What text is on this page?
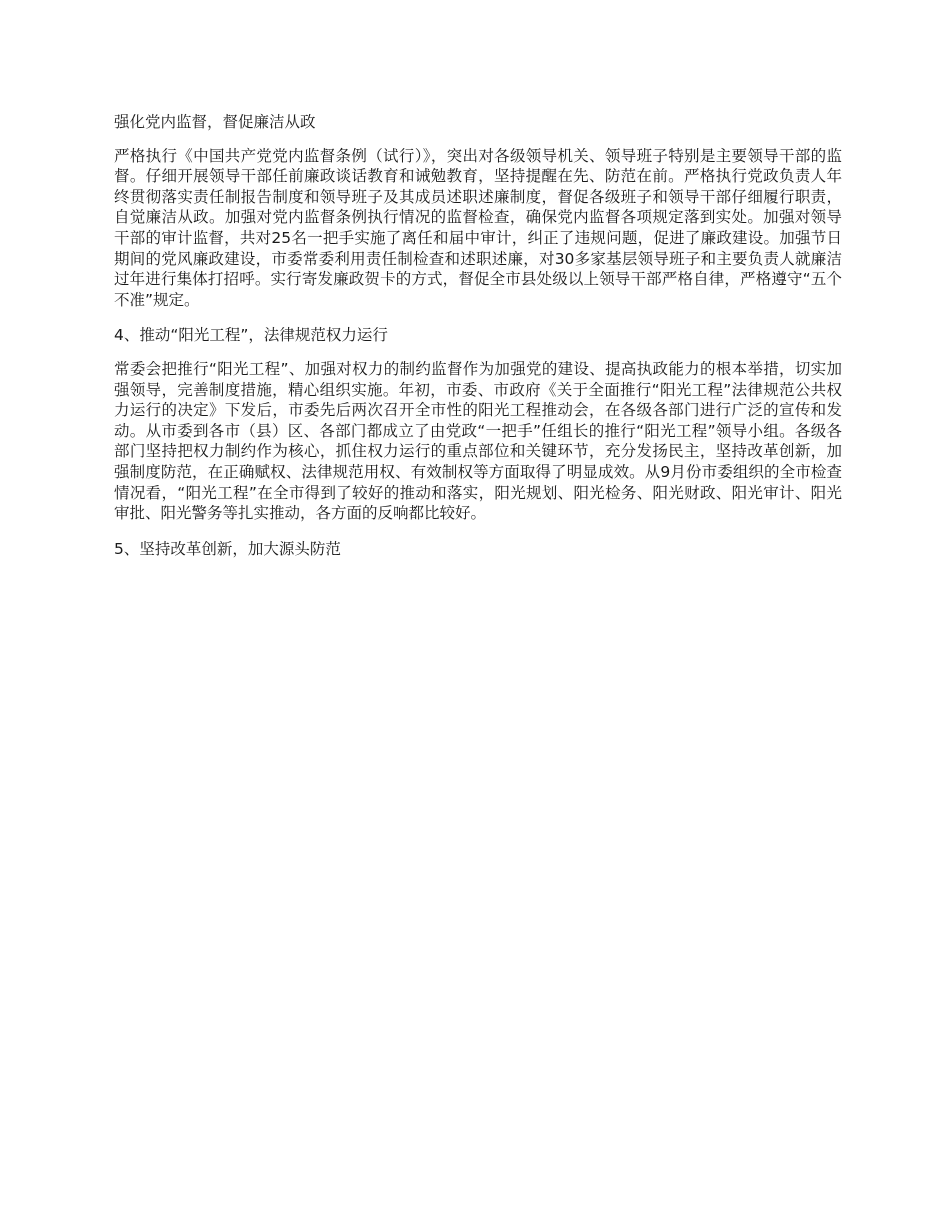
强化党内监督，督促廉洁从政

严格执行《中国共产党党内监督条例（试行）》，突出对各级领导机关、领导班子特别是主要领导干部的监督。仔细开展领导干部任前廉政谈话教育和诫勉教育，坚持提醒在先、防范在前。严格执行党政负责人年终贯彻落实责任制报告制度和领导班子及其成员述职述廉制度，督促各级班子和领导干部仔细履行职责，自觉廉洁从政。加强对党内监督条例执行情况的监督检查，确保党内监督各项规定落到实处。加强对领导干部的审计监督，共对25名一把手实施了离任和届中审计，纠正了违规问题，促进了廉政建设。加强节日期间的党风廉政建设，市委常委利用责任制检查和述职述廉，对30多家基层领导班子和主要负责人就廉洁过年进行集体打招呼。实行寄发廉政贺卡的方式，督促全市县处级以上领导干部严格自律，严格遵守“五个不准”规定。

4、推动“阳光工程”，法律规范权力运行

常委会把推行“阳光工程”、加强对权力的制约监督作为加强党的建设、提高执政能力的根本举措，切实加强领导，完善制度措施，精心组织实施。年初，市委、市政府《关于全面推行“阳光工程”法律规范公共权力运行的决定》下发后，市委先后两次召开全市性的阳光工程推动会，在各级各部门进行广泛的宣传和发动。从市委到各市（县）区、各部门都成立了由党政“一把手”任组长的推行“阳光工程”领导小组。各级各部门坚持把权力制约作为核心，抓住权力运行的重点部位和关键环节，充分发扬民主，坚持改革创新，加强制度防范，在正确赋权、法律规范用权、有效制权等方面取得了明显成效。从9月份市委组织的全市检查情况看，“阳光工程”在全市得到了较好的推动和落实，阳光规划、阳光检务、阳光财政、阳光审计、阳光审批、阳光警务等扎实推动，各方面的反响都比较好。

5、坚持改革创新，加大源头防范
